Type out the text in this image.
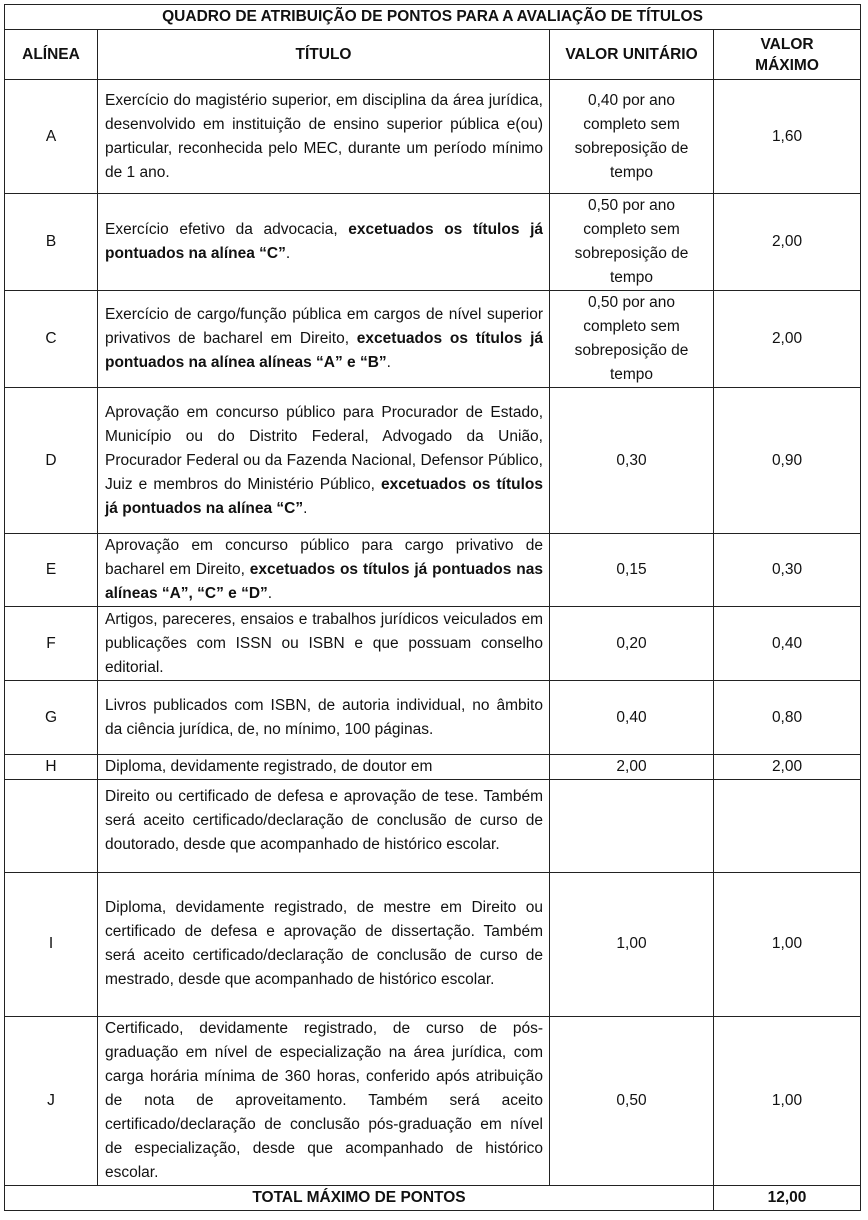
QUADRO DE ATRIBUIÇÃO DE PONTOS PARA A AVALIAÇÃO DE TÍTULOS			
ALÍNEA	TÍTULO	VALOR UNITÁRIO	VALOR
MÁXIMO
A	Exercício do magistério superior, em disciplina da área jurídica, desenvolvido em instituição de ensino superior pública e(ou) particular, reconhecida pelo MEC, durante um período mínimo de 1 ano.	0,40 por ano completo sem sobreposição de tempo	1,60
B	Exercício efetivo da advocacia, excetuados os títulos já pontuados na alínea “C”.	0,50 por ano completo sem sobreposição de tempo	2,00
C	Exercício de cargo/função pública em cargos de nível superior privativos de bacharel em Direito, excetuados os títulos já pontuados na alínea alíneas “A” e “B”.	0,50 por ano completo sem sobreposição de tempo	2,00
D	Aprovação em concurso público para Procurador de Estado, Município ou do Distrito Federal, Advogado da União, Procurador Federal ou da Fazenda Nacional, Defensor Público, Juiz e membros do Ministério Público, excetuados os títulos já pontuados na alínea “C”.	0,30	0,90
E	Aprovação em concurso público para cargo privativo de bacharel em Direito, excetuados os títulos já pontuados nas alíneas “A”, “C” e “D”.	0,15	0,30
F	Artigos, pareceres, ensaios e trabalhos jurídicos veiculados em publicações com ISSN ou ISBN e que possuam conselho editorial.	0,20	0,40
G	Livros publicados com ISBN, de autoria individual, no âmbito da ciência jurídica, de, no mínimo, 100 páginas.	0,40	0,80
H	Diploma, devidamente registrado, de doutor em	2,00	2,00
	Direito ou certificado de defesa e aprovação de tese. Também será aceito certificado/declaração de conclusão de curso de doutorado, desde que acompanhado de histórico escolar.		
I	Diploma, devidamente registrado, de mestre em Direito ou certificado de defesa e aprovação de dissertação. Também será aceito certificado/declaração de conclusão de curso de mestrado, desde que acompanhado de histórico escolar.	1,00	1,00
J	Certificado, devidamente registrado, de curso de pós-graduação em nível de especialização na área jurídica, com carga horária mínima de 360 horas, conferido após atribuição de nota de aproveitamento. Também será aceito certificado/declaração de conclusão pós-graduação em nível de especialização, desde que acompanhado de histórico escolar.	0,50	1,00
TOTAL MÁXIMO DE PONTOS			12,00
